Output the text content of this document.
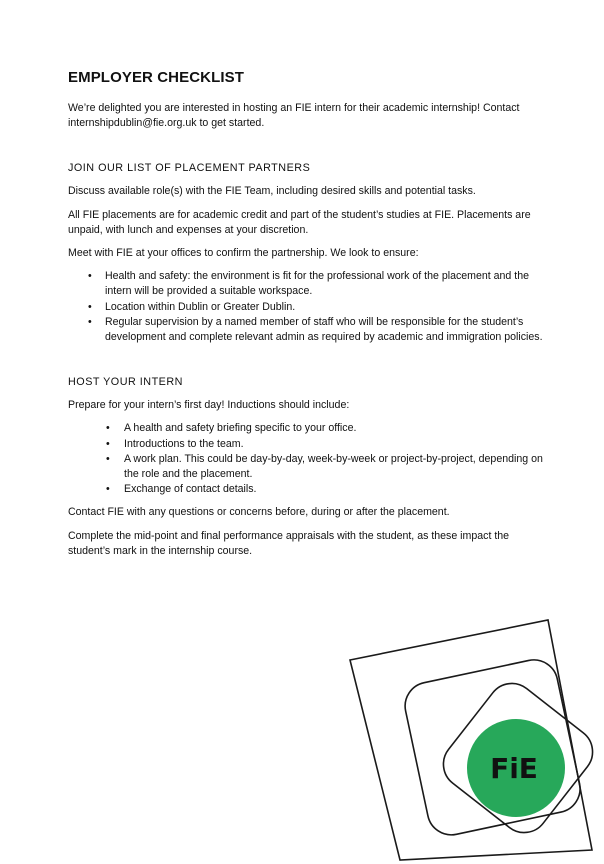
EMPLOYER CHECKLIST

We’re delighted you are interested in hosting an FIE intern for their academic internship! Contact internshipdublin@fie.org.uk to get started.

JOIN OUR LIST OF PLACEMENT PARTNERS

Discuss available role(s) with the FIE Team, including desired skills and potential tasks.

All FIE placements are for academic credit and part of the student’s studies at FIE. Placements are unpaid, with lunch and expenses at your discretion.

Meet with FIE at your offices to confirm the partnership. We look to ensure:

• Health and safety: the environment is fit for the professional work of the placement and the intern will be provided a suitable workspace.
• Location within Dublin or Greater Dublin.
• Regular supervision by a named member of staff who will be responsible for the student’s development and complete relevant admin as required by academic and immigration policies.
HOST YOUR INTERN

Prepare for your intern’s first day! Inductions should include:

• A health and safety briefing specific to your office.
• Introductions to the team.
• A work plan. This could be day-by-day, week-by-week or project-by-project, depending on the role and the placement.
• Exchange of contact details.

Contact FIE with any questions or concerns before, during or after the placement.

Complete the mid-point and final performance appraisals with the student, as these impact the student’s mark in the internship course.

FiE
